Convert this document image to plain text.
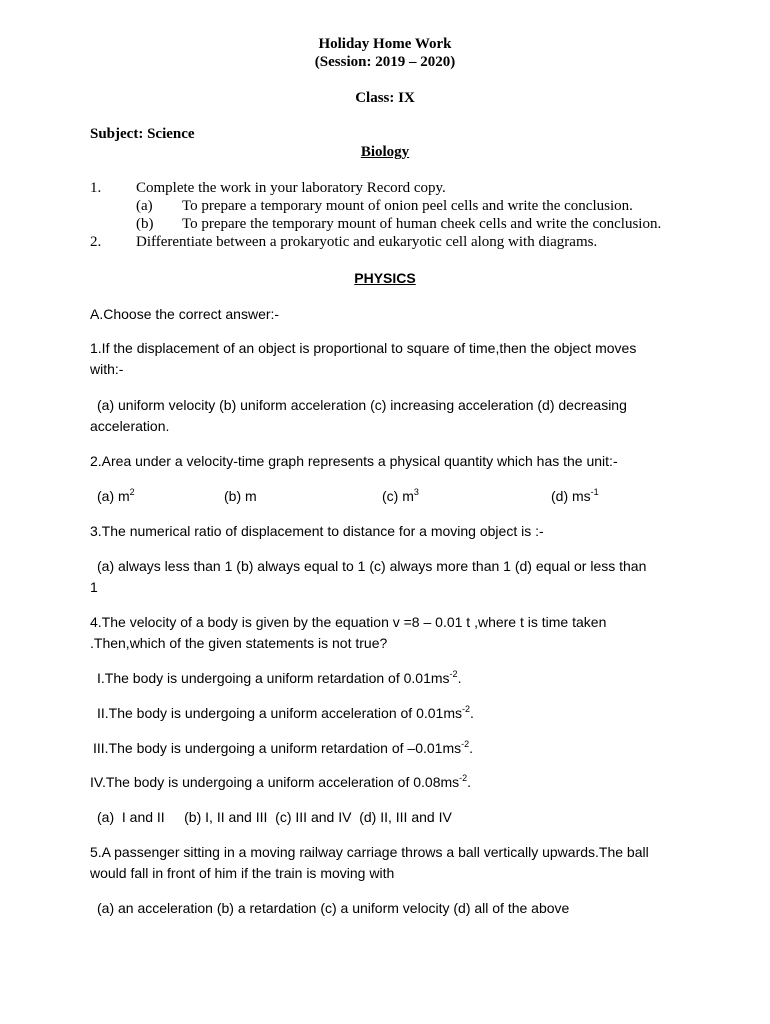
Holiday Home Work
(Session: 2019 – 2020)
Class: IX
Subject: Science
Biology
1. Complete the work in your laboratory Record copy.
(a) To prepare a temporary mount of onion peel cells and write the conclusion.
(b) To prepare the temporary mount of human cheek cells and write the conclusion.
2. Differentiate between a prokaryotic and eukaryotic cell along with diagrams.
PHYSICS
A.Choose the correct answer:-
1.If the displacement of an object is proportional to square of time,then the object moves
with:-
(a) uniform velocity (b) uniform acceleration (c) increasing acceleration (d) decreasing
acceleration.
2.Area under a velocity-time graph represents a physical quantity which has the unit:-
(a) $m^2$	(b) m	(c) $m^3$	(d) $ms^{-1}$
3.The numerical ratio of displacement to distance for a moving object is :-
(a) always less than 1 (b) always equal to 1 (c) always more than 1 (d) equal or less than
1
4.The velocity of a body is given by the equation v =8 – 0.01 t ,where t is time taken
.Then,which of the given statements is not true?
I.The body is undergoing a uniform retardation of $0.01ms^{-2}$.
II.The body is undergoing a uniform acceleration of $0.01ms^{-2}$.
III.The body is undergoing a uniform retardation of $-0.01ms^{-2}$.
IV.The body is undergoing a uniform acceleration of $0.08ms^{-2}$.
(a)  I and II     (b) I, II and III  (c) III and IV  (d) II, III and IV
5.A passenger sitting in a moving railway carriage throws a ball vertically upwards.The ball
would fall in front of him if the train is moving with
(a) an acceleration (b) a retardation (c) a uniform velocity (d) all of the above
